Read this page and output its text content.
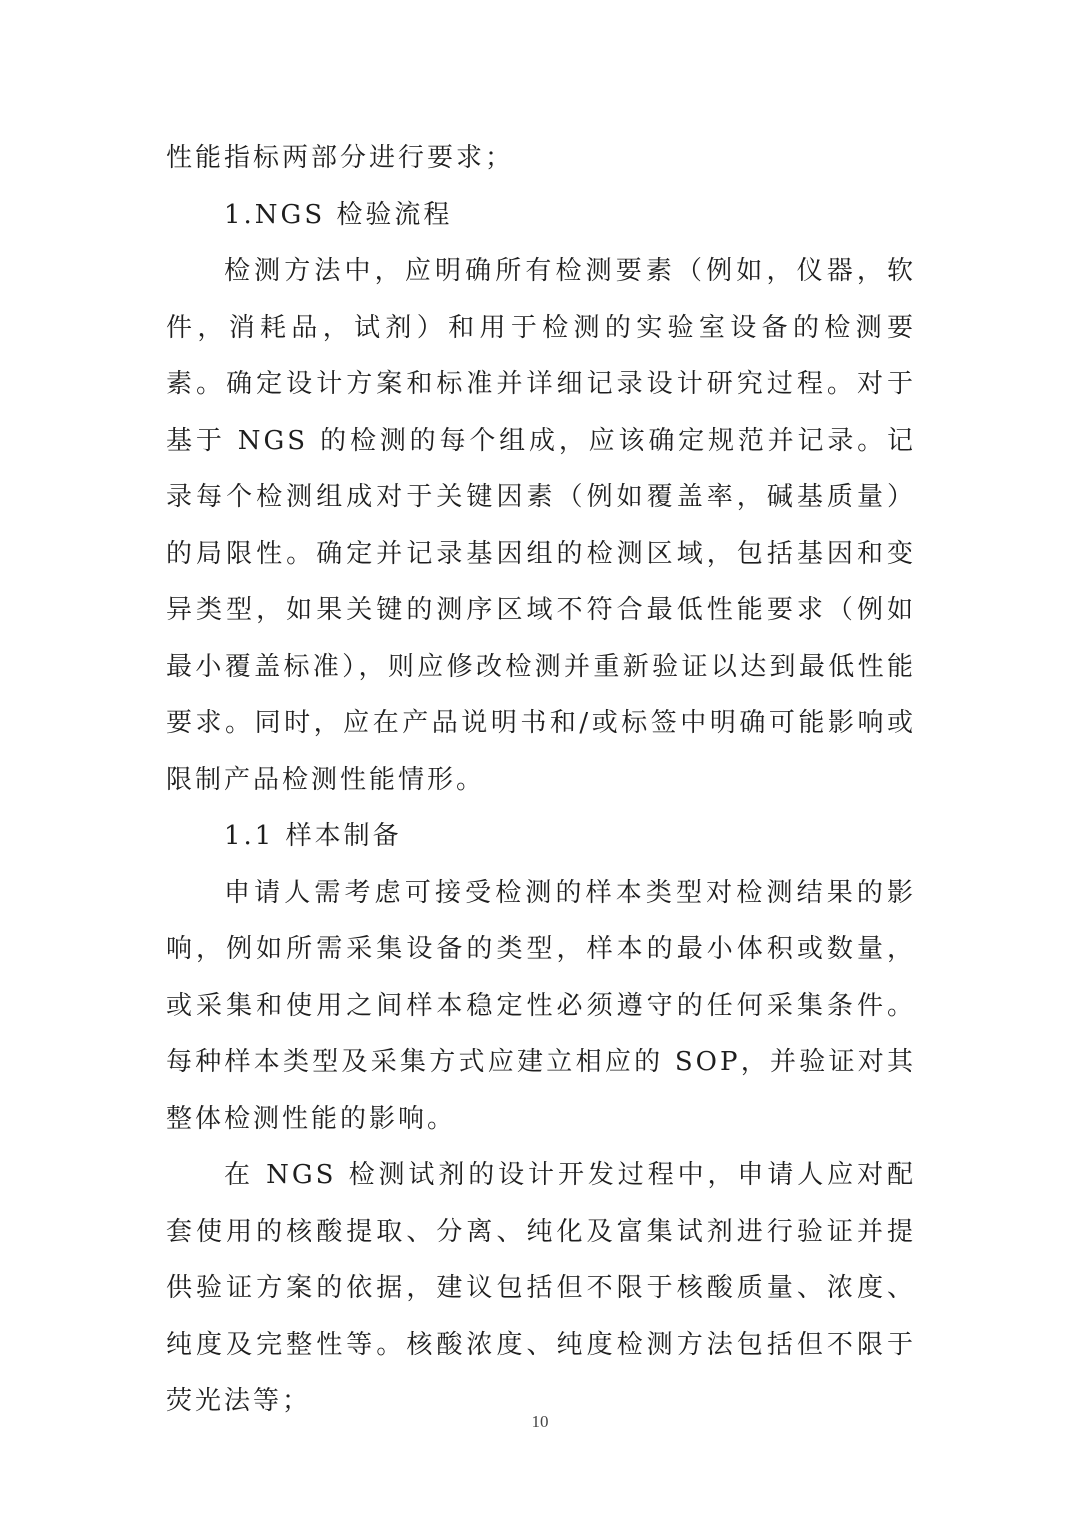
性能指标两部分进行要求；

1.NGS 检验流程

检测方法中，应明确所有检测要素（例如，仪器，软件，消耗品，试剂）和用于检测的实验室设备的检测要素。确定设计方案和标准并详细记录设计研究过程。对于基于 NGS 的检测的每个组成，应该确定规范并记录。记录每个检测组成对于关键因素（例如覆盖率，碱基质量）的局限性。确定并记录基因组的检测区域，包括基因和变异类型，如果关键的测序区域不符合最低性能要求（例如最小覆盖标准），则应修改检测并重新验证以达到最低性能要求。同时，应在产品说明书和/或标签中明确可能影响或限制产品检测性能情形。

1.1 样本制备

申请人需考虑可接受检测的样本类型对检测结果的影响，例如所需采集设备的类型，样本的最小体积或数量，或采集和使用之间样本稳定性必须遵守的任何采集条件。每种样本类型及采集方式应建立相应的 SOP，并验证对其整体检测性能的影响。

在 NGS 检测试剂的设计开发过程中，申请人应对配套使用的核酸提取、分离、纯化及富集试剂进行验证并提供验证方案的依据，建议包括但不限于核酸质量、浓度、纯度及完整性等。核酸浓度、纯度检测方法包括但不限于荧光法等；

10
